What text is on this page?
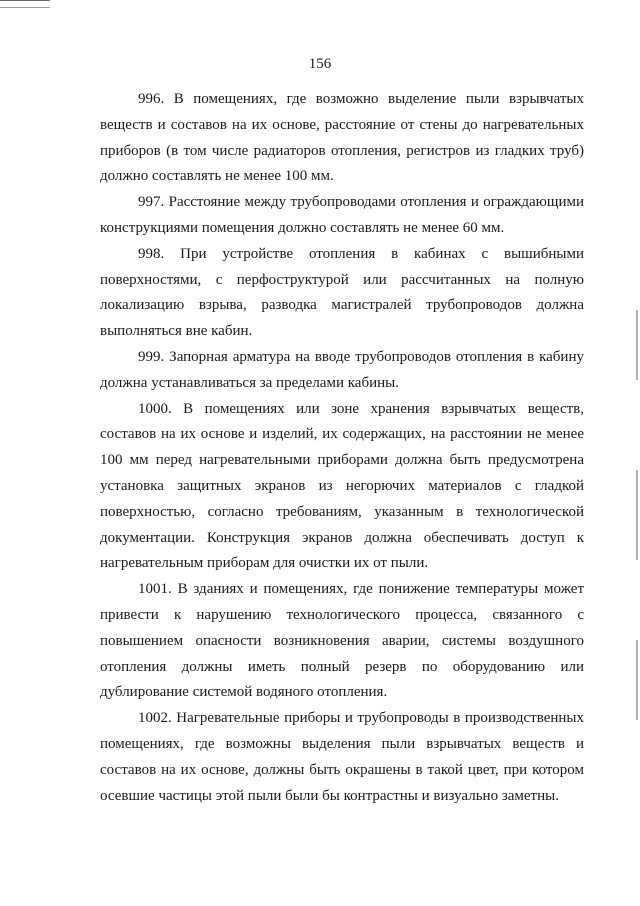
156

996. В помещениях, где возможно выделение пыли взрывчатых веществ и составов на их основе, расстояние от стены до нагревательных приборов (в том числе радиаторов отопления, регистров из гладких труб) должно составлять не менее 100 мм.

997. Расстояние между трубопроводами отопления и ограждающими конструкциями помещения должно составлять не менее 60 мм.

998. При устройстве отопления в кабинах с вышибными поверхностями, с перфоструктурой или рассчитанных на полную локализацию взрыва, разводка магистралей трубопроводов должна выполняться вне кабин.

999. Запорная арматура на вводе трубопроводов отопления в кабину должна устанавливаться за пределами кабины.

1000. В помещениях или зоне хранения взрывчатых веществ, составов на их основе и изделий, их содержащих, на расстоянии не менее 100 мм перед нагревательными приборами должна быть предусмотрена установка защитных экранов из негорючих материалов с гладкой поверхностью, согласно требованиям, указанным в технологической документации. Конструкция экранов должна обеспечивать доступ к нагревательным приборам для очистки их от пыли.

1001. В зданиях и помещениях, где понижение температуры может привести к нарушению технологического процесса, связанного с повышением опасности возникновения аварии, системы воздушного отопления должны иметь полный резерв по оборудованию или дублирование системой водяного отопления.

1002. Нагревательные приборы и трубопроводы в производственных помещениях, где возможны выделения пыли взрывчатых веществ и составов на их основе, должны быть окрашены в такой цвет, при котором осевшие частицы этой пыли были бы контрастны и визуально заметны.
